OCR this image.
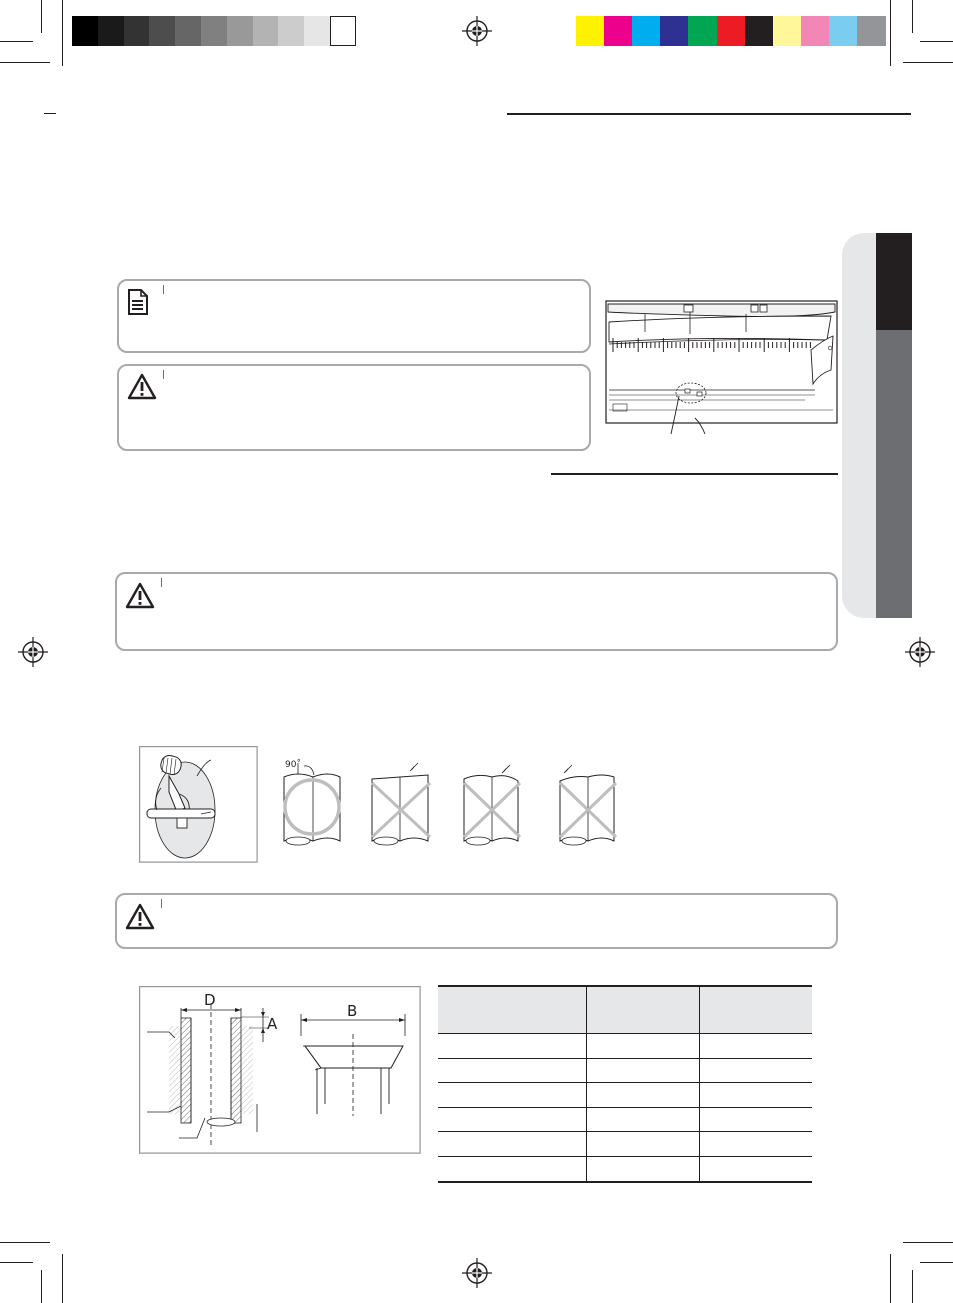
90˚
D
A
B
